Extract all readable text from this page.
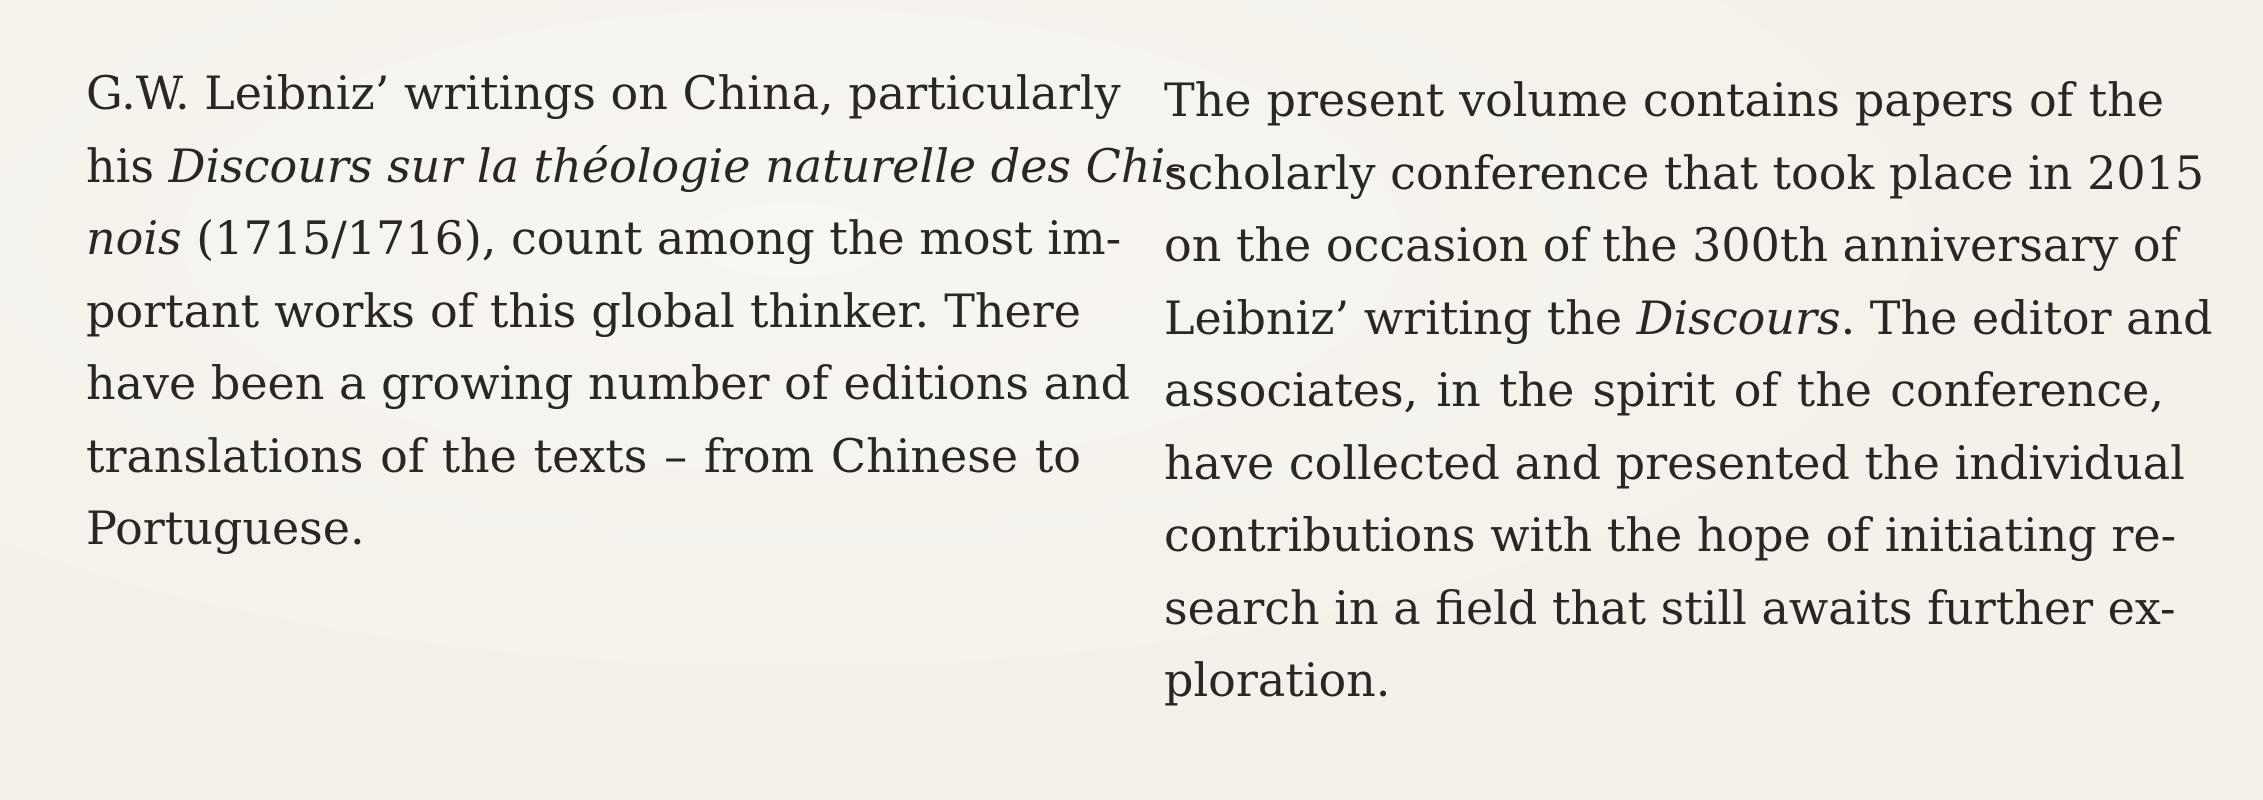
G.W. Leibniz’ writings on China, particularly
his Discours sur la théologie naturelle des Chi-
nois (1715/1716), count among the most im-
portant works of this global thinker. There
have been a growing number of editions and
translations of the texts – from Chinese to
Portuguese.
The present volume contains papers of the
scholarly conference that took place in 2015
on the occasion of the 300th anniversary of
Leibniz’ writing the Discours. The editor and
associates, in the spirit of the conference,
have collected and presented the individual
contributions with the hope of initiating re-
search in a field that still awaits further ex-
ploration.
